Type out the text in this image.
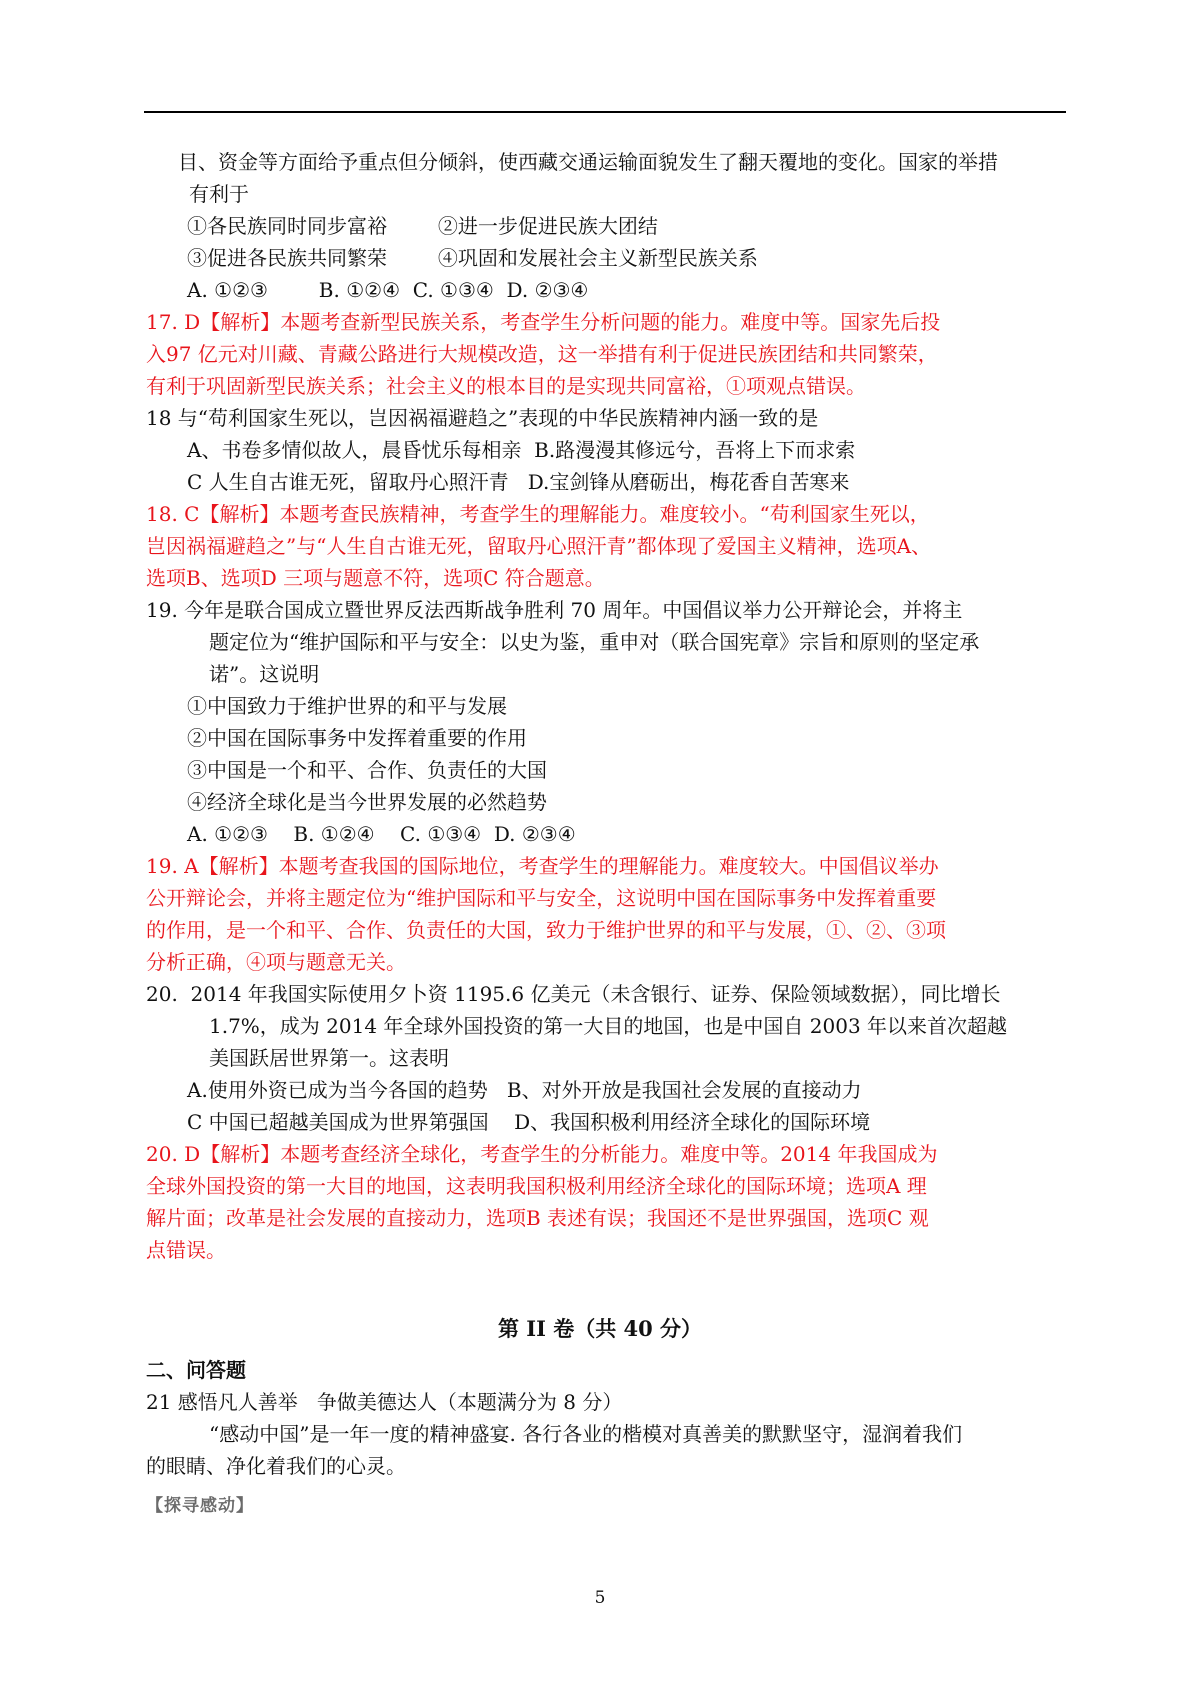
目、资金等方面给予重点但分倾斜，使西藏交通运输面貌发生了翻天覆地的变化。国家的举措
有利于
①各民族同时同步富裕        ②进一步促进民族大团结
③促进各民族共同繁荣        ④巩固和发展社会主义新型民族关系
A. ①②③        B. ①②④  C. ①③④  D. ②③④
17. D【解析】本题考查新型民族关系，考查学生分析问题的能力。难度中等。国家先后投
入97 亿元对川藏、青藏公路进行大规模改造，这一举措有利于促进民族团结和共同繁荣，
有利于巩固新型民族关系；社会主义的根本目的是实现共同富裕，①项观点错误。
18 与“苟利国家生死以，岂因祸福避趋之”表现的中华民族精神内涵一致的是
A、书卷多情似故人，晨昏忧乐每相亲  B.路漫漫其修远兮，吾将上下而求索
C 人生自古谁无死，留取丹心照汗青   D.宝剑锋从磨砺出，梅花香自苦寒来
18. C【解析】本题考查民族精神，考查学生的理解能力。难度较小。“苟利国家生死以，
岂因祸福避趋之”与“人生自古谁无死，留取丹心照汗青”都体现了爱国主义精神，选项A、
选项B、选项D 三项与题意不符，选项C 符合题意。
19. 今年是联合国成立暨世界反法西斯战争胜利 70 周年。中国倡议举力公开辩论会，并将主
题定位为“维护国际和平与安全：以史为鉴，重申对（联合国宪章》宗旨和原则的坚定承
诺”。这说明
①中国致力于维护世界的和平与发展
②中国在国际事务中发挥着重要的作用
③中国是一个和平、合作、负责任的大国
④经济全球化是当今世界发展的必然趋势
A. ①②③    B. ①②④    C. ①③④  D. ②③④
19. A【解析】本题考查我国的国际地位，考查学生的理解能力。难度较大。中国倡议举办
公开辩论会，并将主题定位为“维护国际和平与安全，这说明中国在国际事务中发挥着重要
的作用，是一个和平、合作、负责任的大国，致力于维护世界的和平与发展，①、②、③项
分析正确，④项与题意无关。
20.  2014 年我国实际使用夕卜资 1195.6 亿美元（未含银行、证券、保险领域数据），同比增长
1.7%，成为 2014 年全球外国投资的第一大目的地国，也是中国自 2003 年以来首次超越
美国跃居世界第一。这表明
A.使用外资已成为当今各国的趋势   B、对外开放是我国社会发展的直接动力
C 中国已超越美国成为世界第强国    D、我国积极利用经济全球化的国际环境
20. D【解析】本题考查经济全球化，考查学生的分析能力。难度中等。2014 年我国成为
全球外国投资的第一大目的地国，这表明我国积极利用经济全球化的国际环境；选项A 理
解片面；改革是社会发展的直接动力，选项B 表述有误；我国还不是世界强国，选项C 观
点错误。
第 II 卷（共 40 分）
二、问答题
21 感悟凡人善举   争做美德达人（本题满分为 8 分）
“感动中国”是一年一度的精神盛宴. 各行各业的楷模对真善美的默默坚守，湿润着我们
的眼睛、净化着我们的心灵。
【探寻感动】
5
